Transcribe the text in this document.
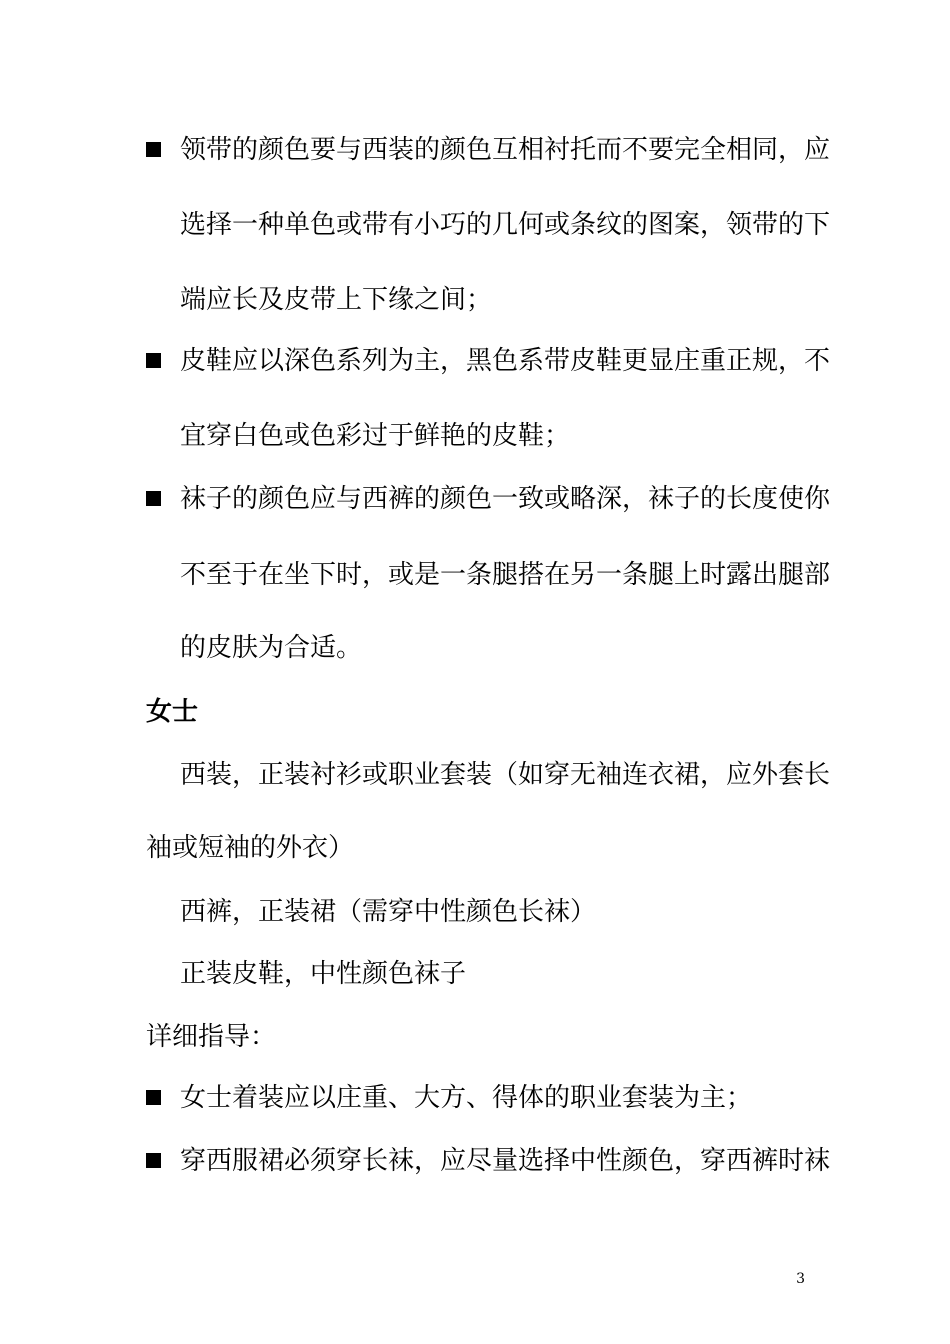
领带的颜色要与西装的颜色互相衬托而不要完全相同，应

选择一种单色或带有小巧的几何或条纹的图案，领带的下

端应长及皮带上下缘之间；

皮鞋应以深色系列为主，黑色系带皮鞋更显庄重正规，不

宜穿白色或色彩过于鲜艳的皮鞋；

袜子的颜色应与西裤的颜色一致或略深，袜子的长度使你

不至于在坐下时，或是一条腿搭在另一条腿上时露出腿部

的皮肤为合适。

女士

西装，正装衬衫或职业套装（如穿无袖连衣裙，应外套长

袖或短袖的外衣）

西裤，正装裙（需穿中性颜色长袜）

正装皮鞋，中性颜色袜子

详细指导：

女士着装应以庄重、大方、得体的职业套装为主；

穿西服裙必须穿长袜，应尽量选择中性颜色，穿西裤时袜

3
